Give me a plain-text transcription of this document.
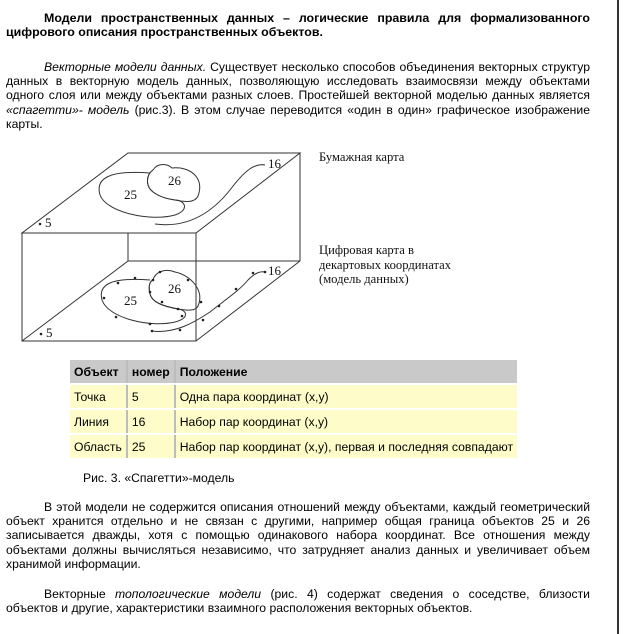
Модели пространственных данных – логические правила для формализованного цифрового описания пространственных объектов.
Векторные модели данных. Существует несколько способов объединения векторных структур данных в векторную модель данных, позволяющую исследовать взаимосвязи между объектами одного слоя или между объектами разных слоев. Простейшей векторной моделью данных является «спагетти»- модель (рис.3). В этом случае переводится «один в один» графическое изображение карты.
5
5
25
26
25
26
16
16
Бумажная карта
Цифровая карта в
декартовых координатах
(модель данных)
Объект	номер	Положение
Точка	5	Одна пара координат (x,y)
Линия	16	Набор пар координат (x,y)
Область	25	Набор пар координат (x,y), первая и последняя совпадают
Рис. 3. «Спагетти»-модель
В этой модели не содержится описания отношений между объектами, каждый геометрический объект хранится отдельно и не связан с другими, например общая граница объектов 25 и 26 записывается дважды, хотя с помощью одинакового набора координат. Все отношения между объектами должны вычисляться независимо, что затрудняет анализ данных и увеличивает объем хранимой информации.
Векторные топологические модели (рис. 4) содержат сведения о соседстве, близости объектов и другие, характеристики взаимного расположения векторных объектов.
